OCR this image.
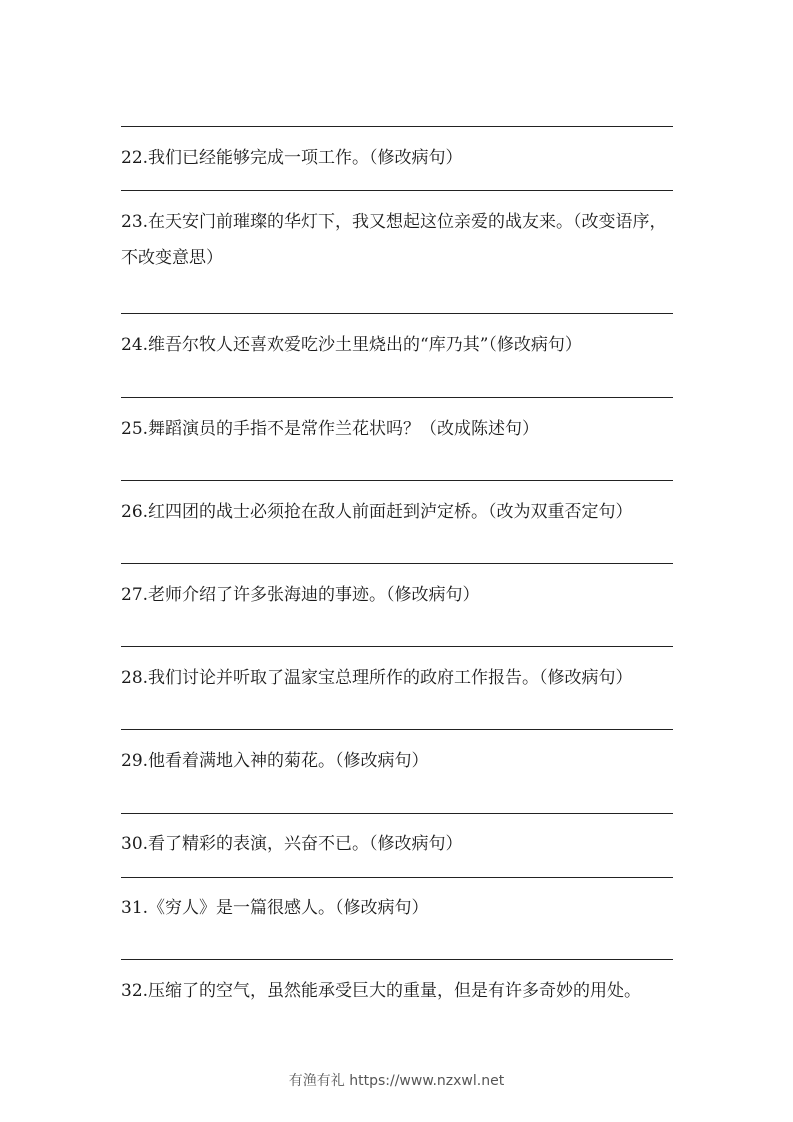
22.我们已经能够完成一项工作。（修改病句）
23.在天安门前璀璨的华灯下，我又想起这位亲爱的战友来。（改变语序，不改变意思）
24.维吾尔牧人还喜欢爱吃沙土里烧出的“库乃其”（修改病句）
25.舞蹈演员的手指不是常作兰花状吗？（改成陈述句）
26.红四团的战士必须抢在敌人前面赶到泸定桥。（改为双重否定句）
27.老师介绍了许多张海迪的事迹。（修改病句）
28.我们讨论并听取了温家宝总理所作的政府工作报告。（修改病句）
29.他看着满地入神的菊花。（修改病句）
30.看了精彩的表演，兴奋不已。（修改病句）
31.《穷人》是一篇很感人。（修改病句）
32.压缩了的空气，虽然能承受巨大的重量，但是有许多奇妙的用处。
有渔有礼 https://www.nzxwl.net
